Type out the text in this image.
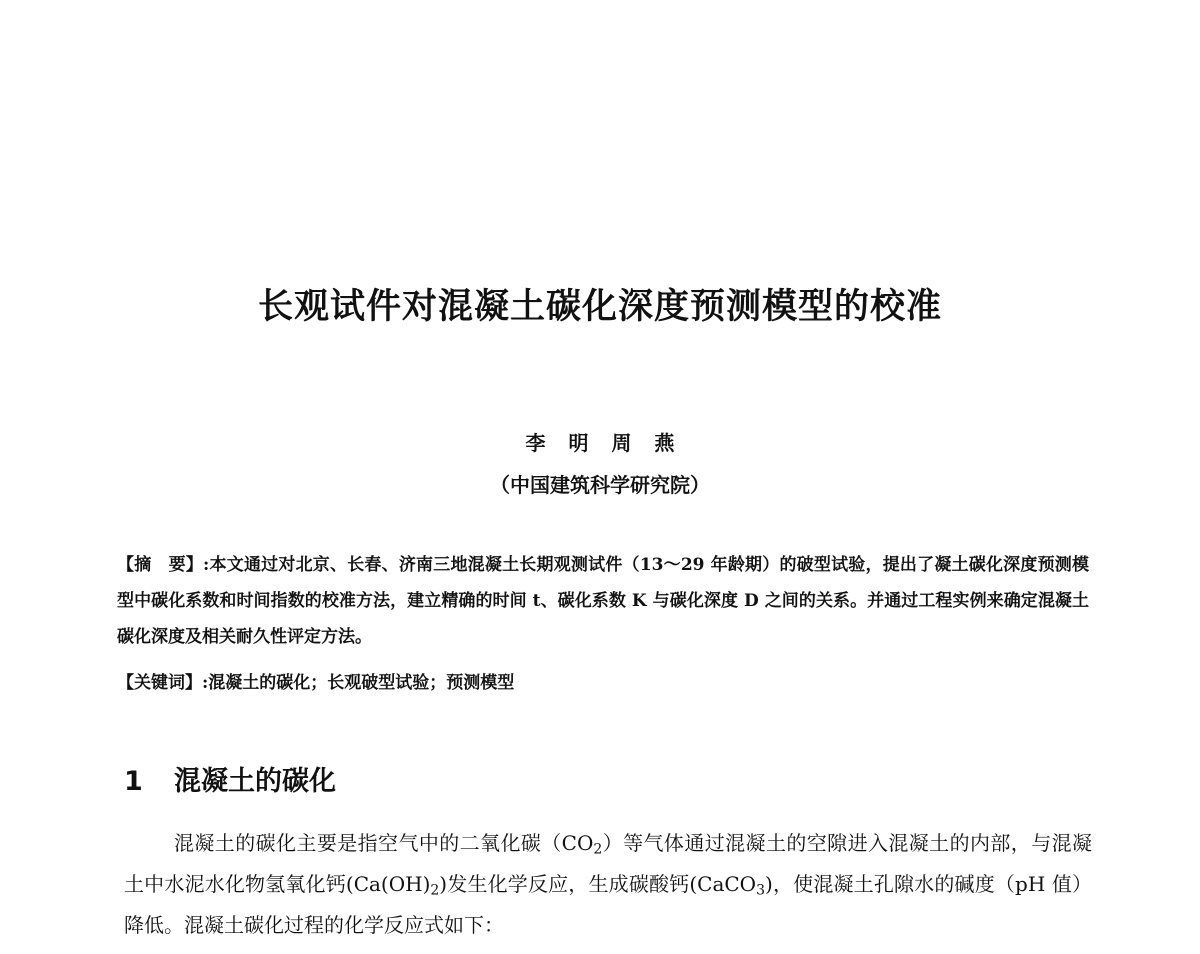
长观试件对混凝土碳化深度预测模型的校准
李 明 周 燕
（中国建筑科学研究院）
【摘　要】:本文通过对北京、长春、济南三地混凝土长期观测试件（13～29 年龄期）的破型试验，提出了凝土碳化深度预测模型中碳化系数和时间指数的校准方法，建立精确的时间 t、碳化系数 K 与碳化深度 D 之间的关系。并通过工程实例来确定混凝土碳化深度及相关耐久性评定方法。
【关键词】:混凝土的碳化；长观破型试验；预测模型
1 混凝土的碳化
混凝土的碳化主要是指空气中的二氧化碳$(CO_2)$等气体通过混凝土的空隙进入混凝土的内部，与混凝土中水泥水化物氢氧化钙$(Ca(OH)_2)$发生化学反应，生成碳酸钙(CaCO$_3$)，使混凝土孔隙水的碱度（pH 值）降低。混凝土碳化过程的化学反应式如下：
